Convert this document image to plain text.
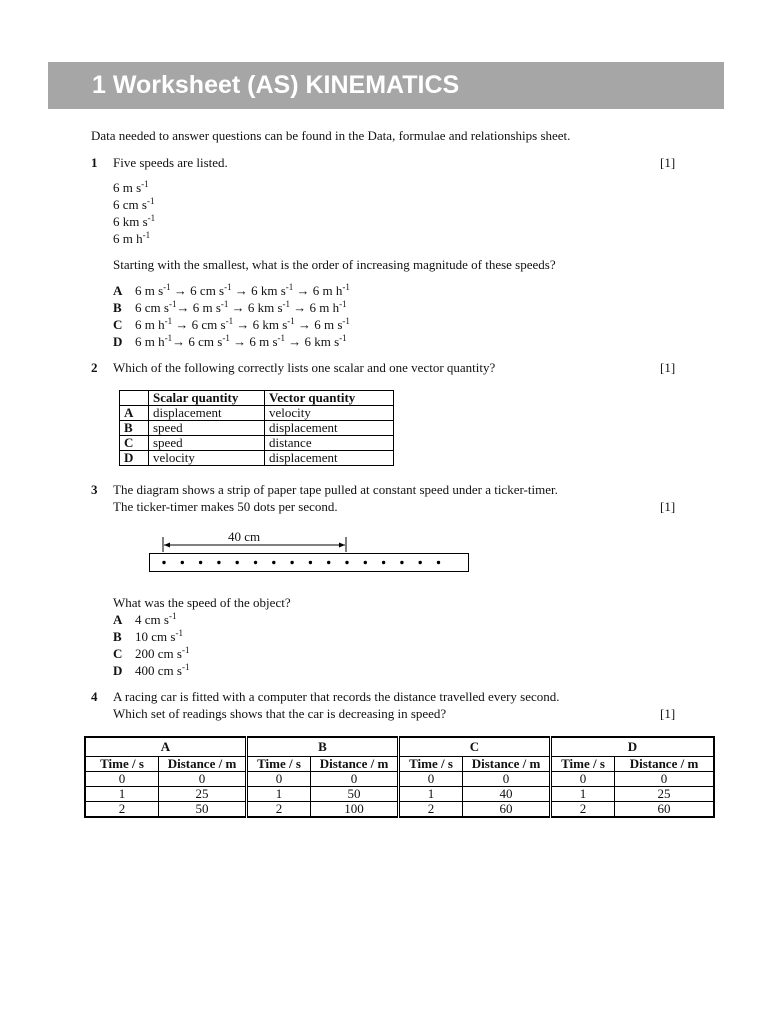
1 Worksheet (AS) KINEMATICS
Data needed to answer questions can be found in the Data, formulae and relationships sheet.
1 Five speeds are listed.	[1]
6 m $s^{-1}$
6 cm $s^{-1}$
6 km $s^{-1}$
6 m $h^{-1}$
Starting with the smallest, what is the order of increasing magnitude of these speeds?
A 6 m $s^{-1} \to 6$ cm $s^{-1} \to 6$ km $s^{-1} \to 6$ m $h^{-1}$
B 6 cm $s^{-1}\to 6$ m $s^{-1} \to 6$ km $s^{-1} \to 6$ m $h^{-1}$
C 6 m $h^{-1} \to 6$ cm $s^{-1} \to 6$ km $s^{-1} \to 6$ m $s^{-1}$
D 6 m $h^{-1}\to 6$ cm $s^{-1} \to 6$ m $s^{-1} \to 6$ km $s^{-1}$
2 Which of the following correctly lists one scalar and one vector quantity?	[1]
	Scalar quantity	Vector quantity
A	displacement	velocity
B	speed	displacement
C	speed	distance
D	velocity	displacement
3 The diagram shows a strip of paper tape pulled at constant speed under a ticker-timer.
The ticker-timer makes 50 dots per second.	[1]
40 cm
What was the speed of the object?
A 4 cm $s^{-1}$
B 10 cm $s^{-1}$
C 200 cm $s^{-1}$
D 400 cm $s^{-1}$
4 A racing car is fitted with a computer that records the distance travelled every second.
Which set of readings shows that the car is decreasing in speed?	[1]
A		B		C		D	
Time / s	Distance / m	Time / s	Distance / m	Time / s	Distance / m	Time / s	Distance / m
0	0	0	0	0	0	0	0
1	25	1	50	1	40	1	25
2	50	2	100	2	60	2	60
